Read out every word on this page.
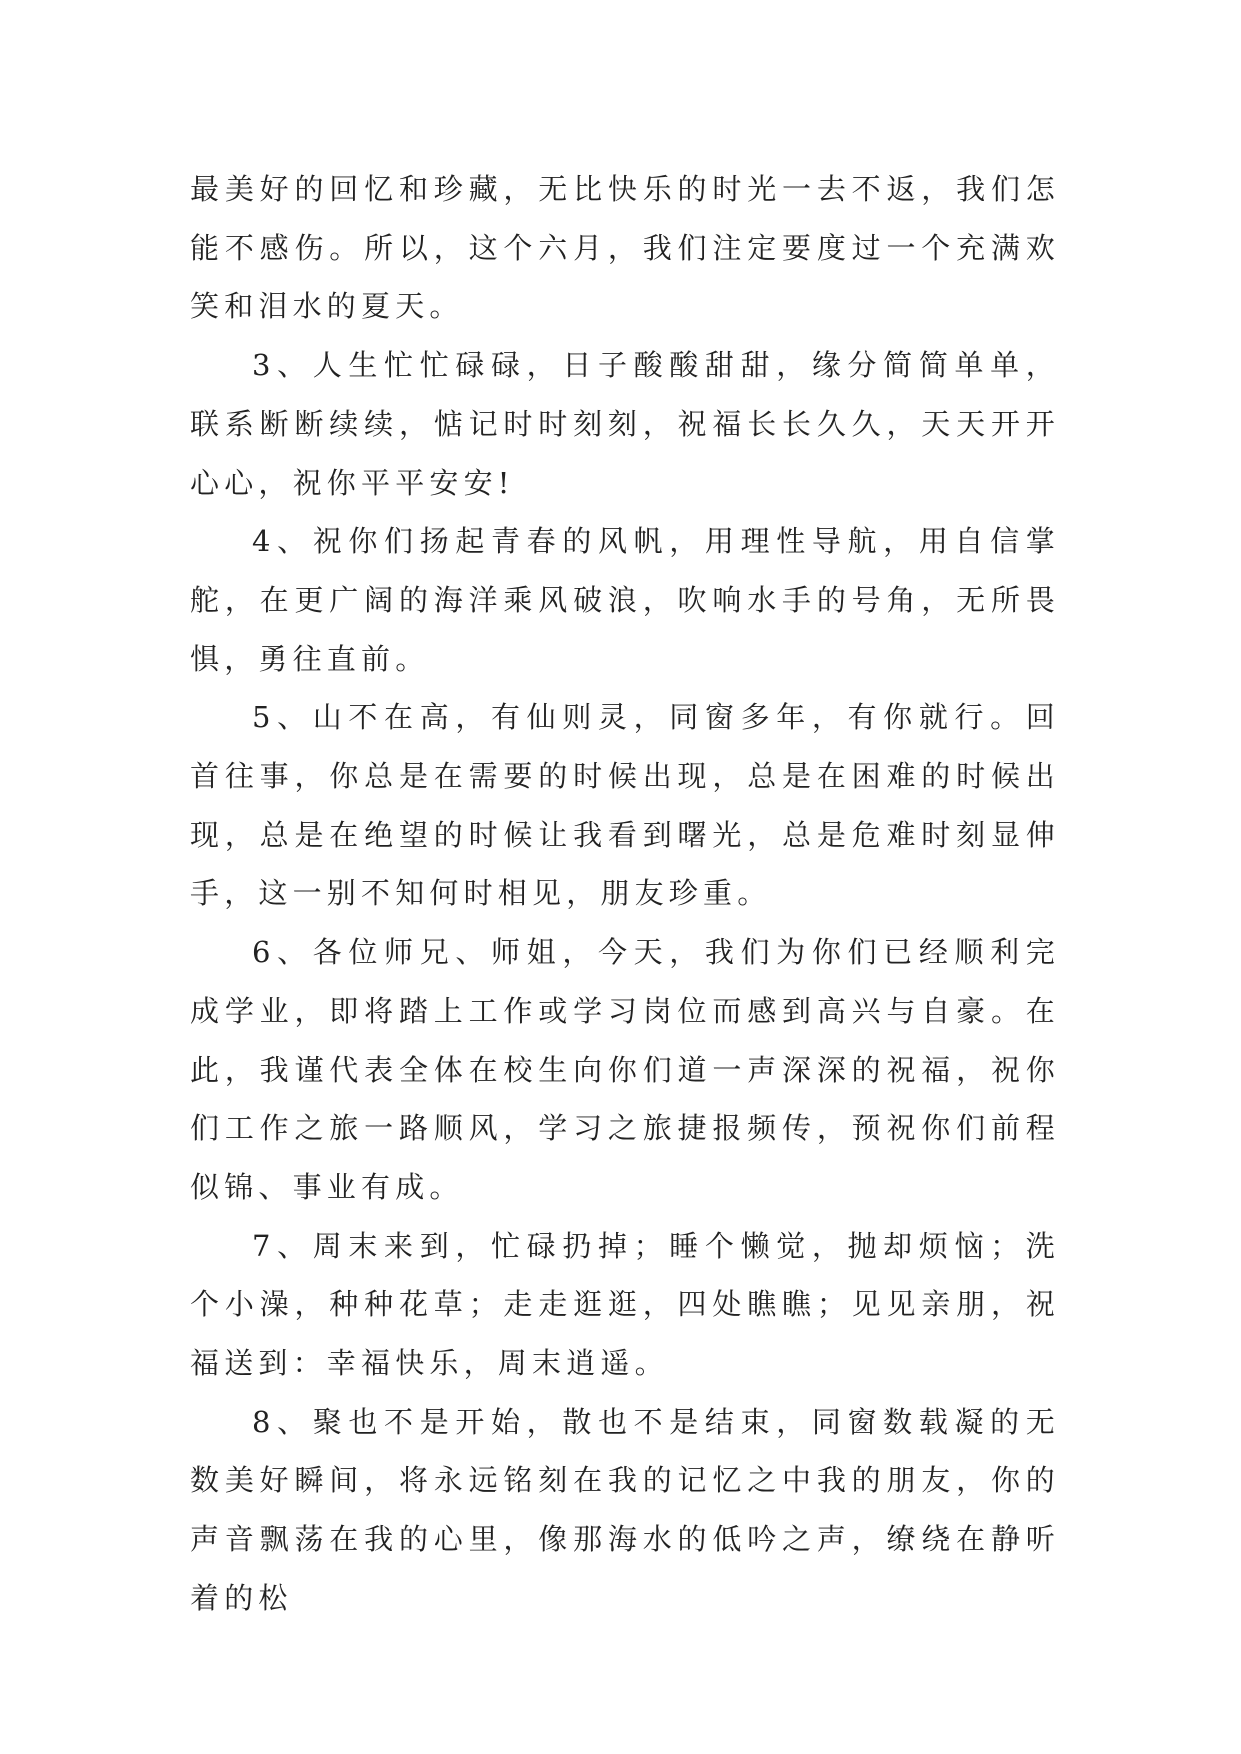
最美好的回忆和珍藏，无比快乐的时光一去不返，我们怎能不感伤。所以，这个六月，我们注定要度过一个充满欢笑和泪水的夏天。

3、人生忙忙碌碌，日子酸酸甜甜，缘分简简单单，联系断断续续，惦记时时刻刻，祝福长长久久，天天开开心心，祝你平平安安!

4、祝你们扬起青春的风帆，用理性导航，用自信掌舵，在更广阔的海洋乘风破浪，吹响水手的号角，无所畏惧，勇往直前。

5、山不在高，有仙则灵，同窗多年，有你就行。回首往事，你总是在需要的时候出现，总是在困难的时候出现，总是在绝望的时候让我看到曙光，总是危难时刻显伸手，这一别不知何时相见，朋友珍重。

6、各位师兄、师姐，今天，我们为你们已经顺利完成学业，即将踏上工作或学习岗位而感到高兴与自豪。在此，我谨代表全体在校生向你们道一声深深的祝福，祝你们工作之旅一路顺风，学习之旅捷报频传，预祝你们前程似锦、事业有成。

7、周末来到，忙碌扔掉；睡个懒觉，抛却烦恼；洗个小澡，种种花草；走走逛逛，四处瞧瞧；见见亲朋，祝福送到：幸福快乐，周末逍遥。

8、聚也不是开始，散也不是结束，同窗数载凝的无数美好瞬间，将永远铭刻在我的记忆之中我的朋友，你的声音飘荡在我的心里，像那海水的低吟之声，缭绕在静听着的松
